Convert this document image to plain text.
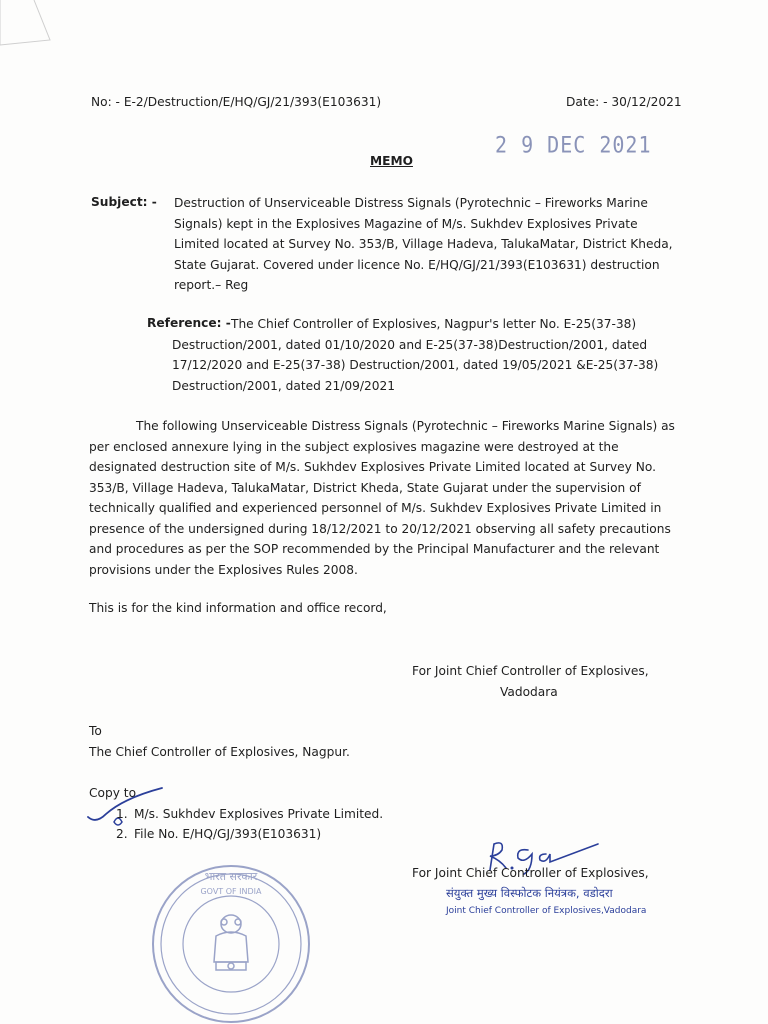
No: - E-2/Destruction/E/HQ/GJ/21/393(E103631)	Date: - 30/12/2021
2 9 DEC 2021
MEMO
Subject: - Destruction of Unserviceable Distress Signals (Pyrotechnic – Fireworks Marine
Signals) kept in the Explosives Magazine of M/s. Sukhdev Explosives Private
Limited located at Survey No. 353/B, Village Hadeva, TalukaMatar, District Kheda,
State Gujarat. Covered under licence No. E/HQ/GJ/21/393(E103631) destruction
report.– Reg
Reference: - The Chief Controller of Explosives, Nagpur's letter No. E-25(37-38)
Destruction/2001, dated 01/10/2020 and E-25(37-38)Destruction/2001, dated
17/12/2020 and E-25(37-38) Destruction/2001, dated 19/05/2021 &E-25(37-38)
Destruction/2001, dated 21/09/2021
The following Unserviceable Distress Signals (Pyrotechnic – Fireworks Marine Signals) as
per enclosed annexure lying in the subject explosives magazine were destroyed at the
designated destruction site of M/s. Sukhdev Explosives Private Limited located at Survey No.
353/B, Village Hadeva, TalukaMatar, District Kheda, State Gujarat under the supervision of
technically qualified and experienced personnel of M/s. Sukhdev Explosives Private Limited in
presence of the undersigned during 18/12/2021 to 20/12/2021 observing all safety precautions
and procedures as per the SOP recommended by the Principal Manufacturer and the relevant
provisions under the Explosives Rules 2008.
This is for the kind information and office record,
For Joint Chief Controller of Explosives,
Vadodara
To
The Chief Controller of Explosives, Nagpur.
Copy to
1. M/s. Sukhdev Explosives Private Limited.
2. File No. E/HQ/GJ/393(E103631)
GOVT OF INDIA
भारत सरकार	For Joint Chief Controller of Explosives,
संयुक्त मुख्य विस्फोटक नियंत्रक, वडोदरा
Joint Chief Controller of Explosives,Vadodara
